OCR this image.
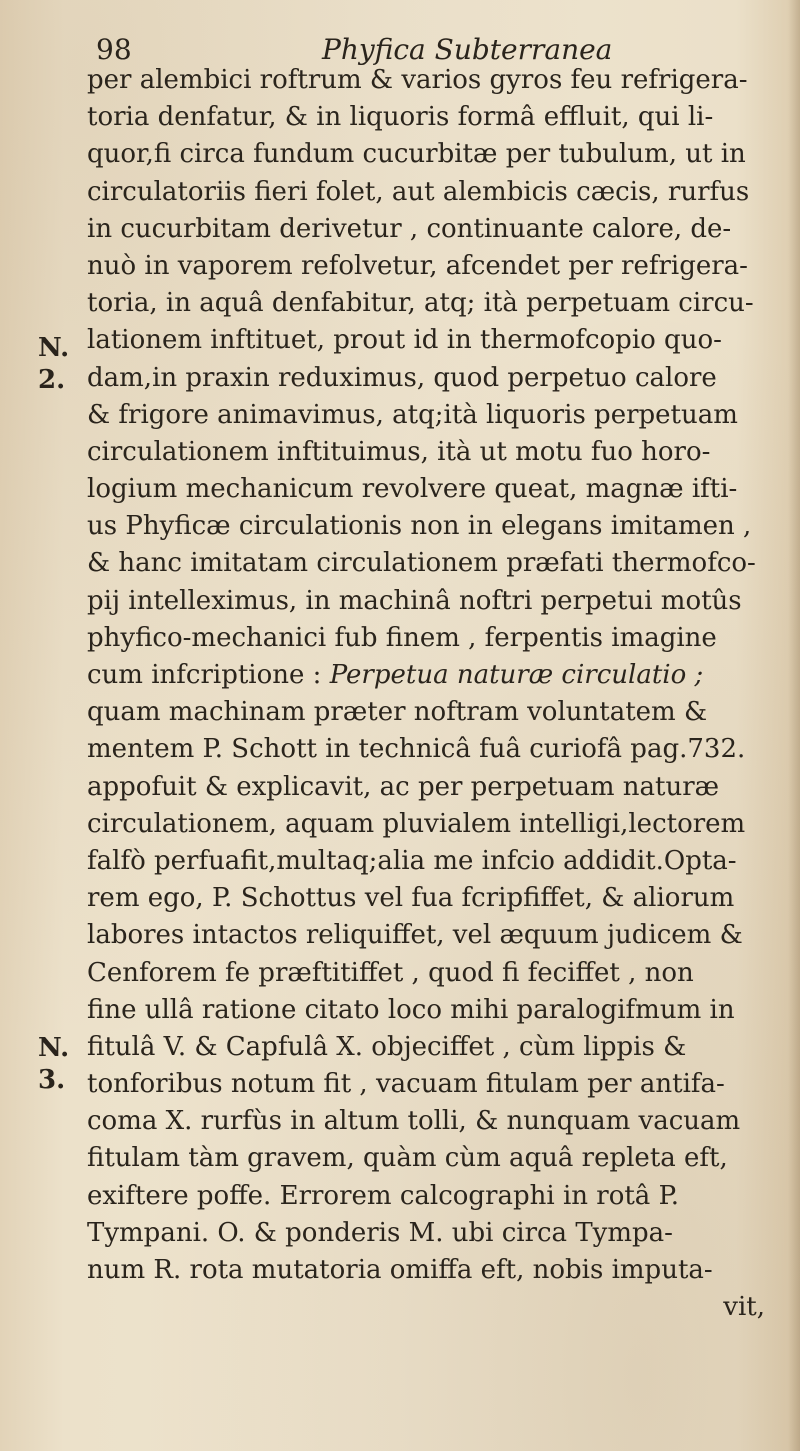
98	Phyfica Subterranea
N.
2.
N.
3.
per alembici roftrum & varios gyros feu refrigera-
toria denfatur, & in liquoris formâ effluit, qui li-
quor,fi circa fundum cucurbitæ per tubulum, ut in
circulatoriis fieri folet, aut alembicis cæcis, rurfus
in cucurbitam derivetur , continuante calore, de-
nuò in vaporem refolvetur, afcendet per refrigera-
toria, in aquâ denfabitur, atq; ità perpetuam circu-
lationem inftituet, prout id in thermofcopio quo-
dam,in praxin reduximus, quod perpetuo calore
& frigore animavimus, atq;ità liquoris perpetuam
circulationem inftituimus, ità ut motu fuo horo-
logium mechanicum revolvere queat, magnæ ifti-
us Phyficæ circulationis non in elegans imitamen ,
& hanc imitatam circulationem præfati thermofco-
pij intelleximus, in machinâ noftri perpetui motûs
phyfico-mechanici fub finem , ferpentis imagine
cum infcriptione : Perpetua naturæ circulatio ;
quam machinam præter noftram voluntatem &
mentem P. Schott in technicâ fuâ curiofâ pag.732.
appofuit & explicavit, ac per perpetuam naturæ
circulationem, aquam pluvialem intelligi,lectorem
falfò perfuafit,multaq;alia me infcio addidit.Opta-
rem ego, P. Schottus vel fua fcripfiffet, & aliorum
labores intactos reliquiffet, vel æquum judicem &
Cenforem fe præftitiffet , quod fi feciffet , non
fine ullâ ratione citato loco mihi paralogifmum in
fitulâ V. & Capfulâ X. objeciffet , cùm lippis &
tonforibus notum fit , vacuam fitulam per antifa-
coma X. rurfùs in altum tolli, & nunquam vacuam
fitulam tàm gravem, quàm cùm aquâ repleta eft,
exiftere poffe. Errorem calcographi in rotâ P.
Tympani. O. & ponderis M. ubi circa Tympa-
num R. rota mutatoria omiffa eft, nobis imputa-
vit,
